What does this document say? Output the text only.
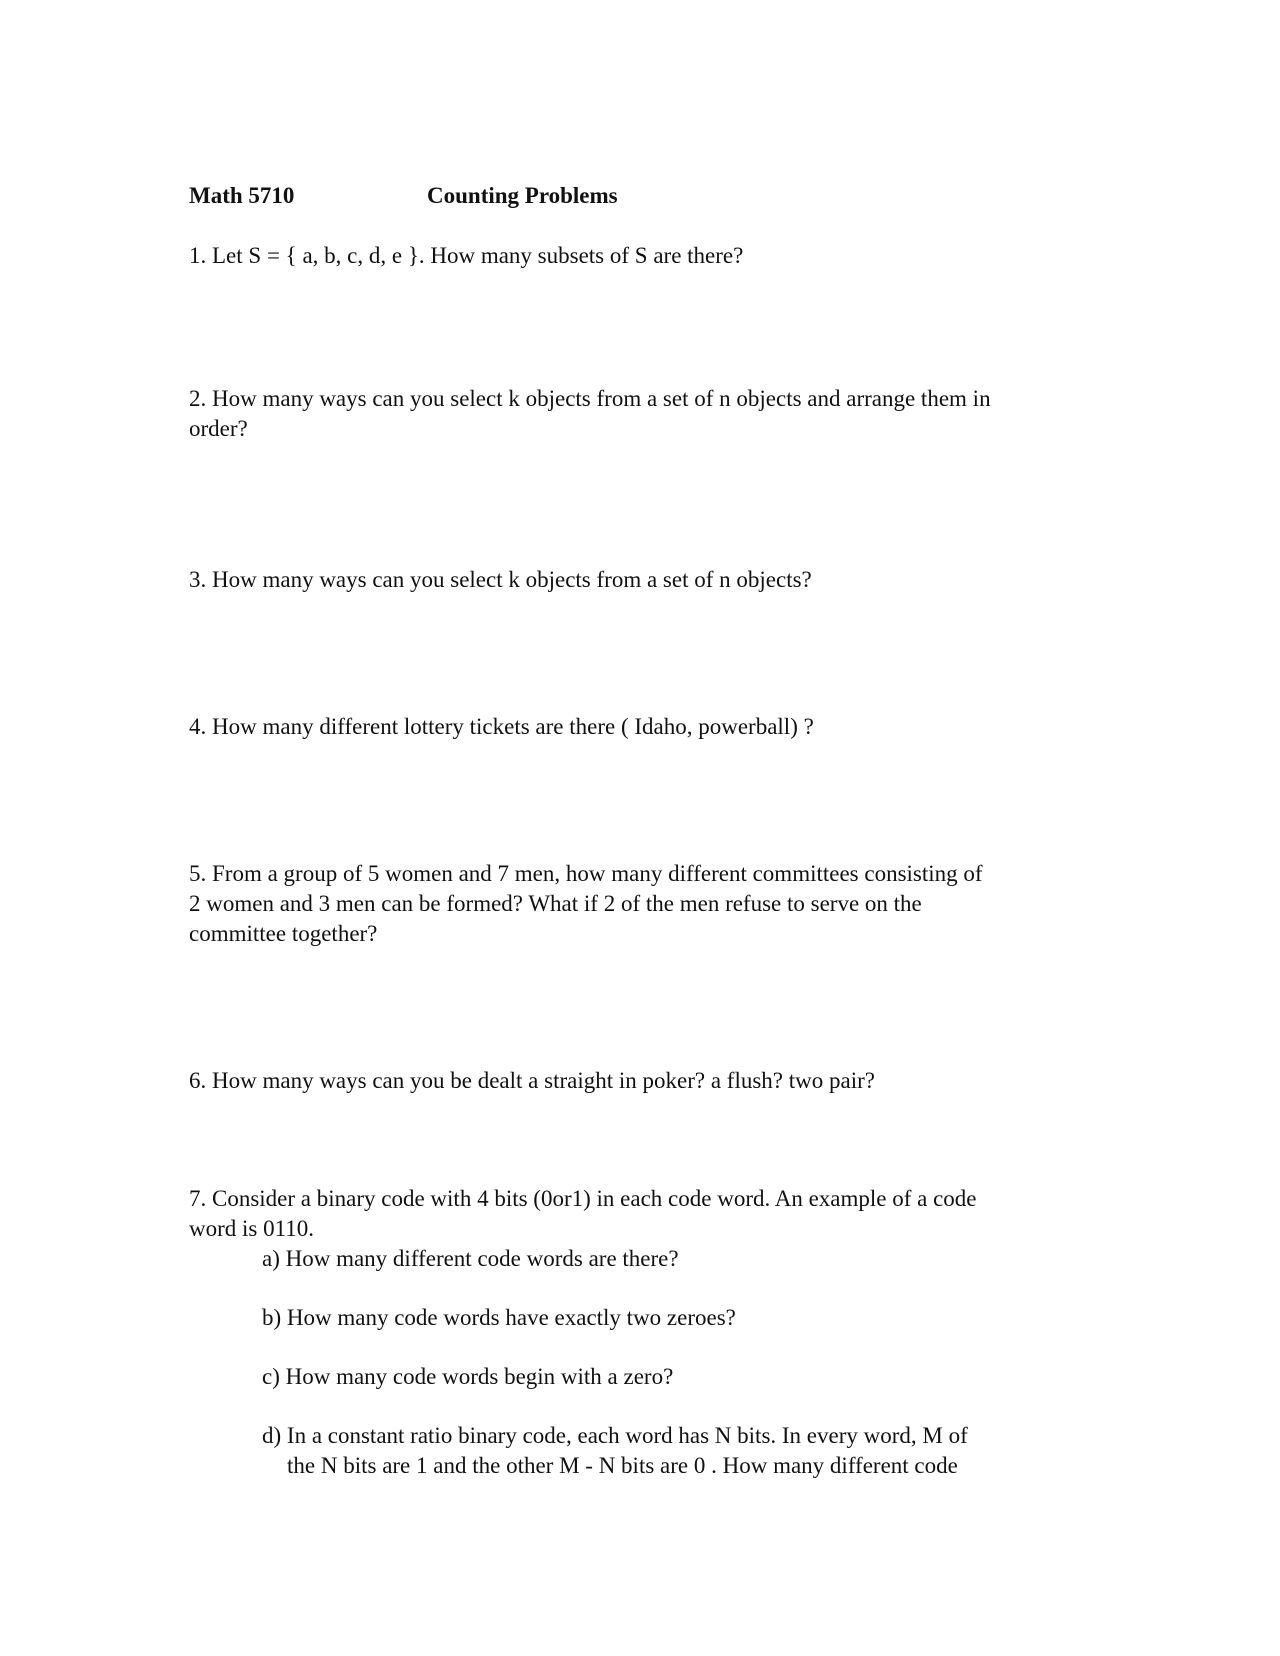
Math 5710	Counting Problems

1. Let S = { a, b, c, d, e }. How many subsets of S are there?

2. How many ways can you select k objects from a set of n objects and arrange them in
order?

3. How many ways can you select k objects from a set of n objects?

4. How many different lottery tickets are there ( Idaho, powerball) ?

5. From a group of 5 women and 7 men, how many different committees consisting of
2 women and 3 men can be formed? What if 2 of the men refuse to serve on the
committee together?

6. How many ways can you be dealt a straight in poker? a flush? two pair?

7. Consider a binary code with 4 bits (0or1) in each code word. An example of a code
word is 0110.

a) How many different code words are there?

b) How many code words have exactly two zeroes?

c) How many code words begin with a zero?

d) In a constant ratio binary code, each word has N bits. In every word, M of
the N bits are 1 and the other M - N bits are 0 . How many different code
